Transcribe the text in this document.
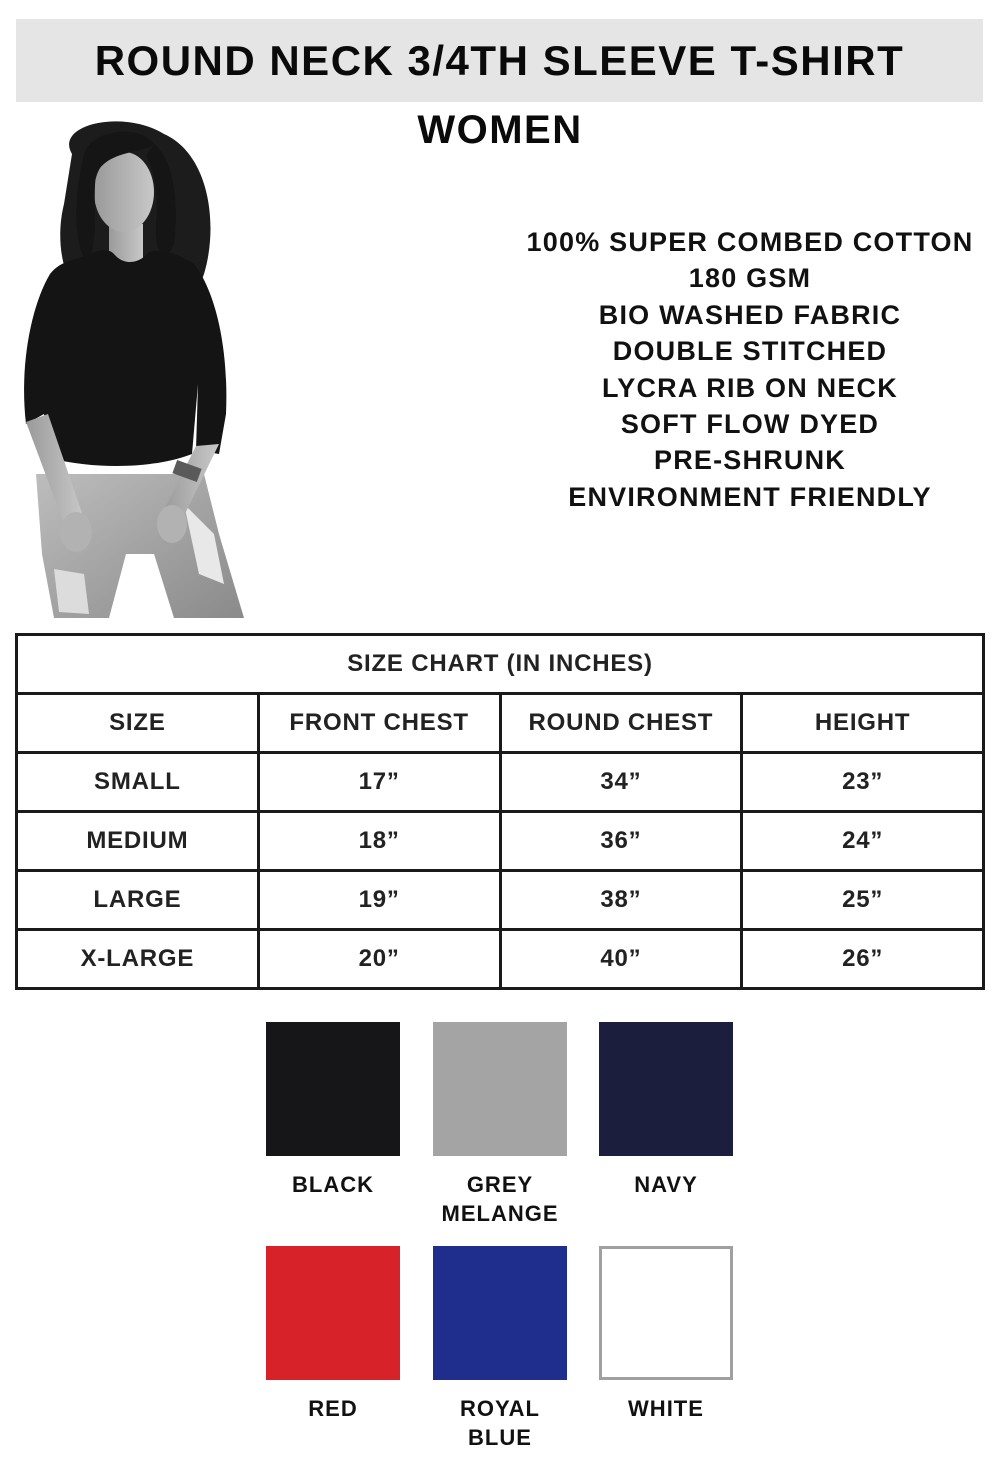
ROUND NECK 3/4TH SLEEVE T-SHIRT
WOMEN
100% SUPER COMBED COTTON
180 GSM
BIO WASHED FABRIC
DOUBLE STITCHED
LYCRA RIB ON NECK
SOFT FLOW DYED
PRE-SHRUNK
ENVIRONMENT FRIENDLY
SIZE CHART (IN INCHES)			
SIZE	FRONT CHEST	ROUND CHEST	HEIGHT
SMALL	17”	34”	23”
MEDIUM	18”	36”	24”
LARGE	19”	38”	25”
X-LARGE	20”	40”	26”
BLACK	GREY MELANGE
NAVY
RED	ROYAL BLUE
WHITE
